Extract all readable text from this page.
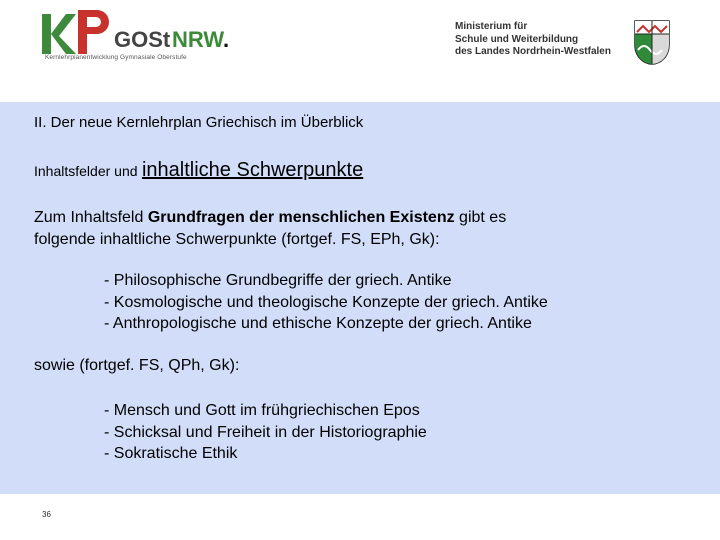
GOSt NRW
.
Kernlehrplanentwicklung Gymnasiale Oberstufe
Ministerium für
Schule und Weiterbildung
des Landes Nordrhein-Westfalen
II. Der neue Kernlehrplan Griechisch im Überblick
Inhaltsfelder und inhaltliche Schwerpunkte
Zum Inhaltsfeld Grundfragen der menschlichen Existenz gibt es
folgende inhaltliche Schwerpunkte (fortgef. FS, EPh, Gk):
- Philosophische Grundbegriffe der griech. Antike
- Kosmologische und theologische Konzepte der griech. Antike
- Anthropologische und ethische Konzepte der griech. Antike
sowie (fortgef. FS, QPh, Gk):
- Mensch und Gott im frühgriechischen Epos
- Schicksal und Freiheit in der Historiographie
- Sokratische Ethik
36
